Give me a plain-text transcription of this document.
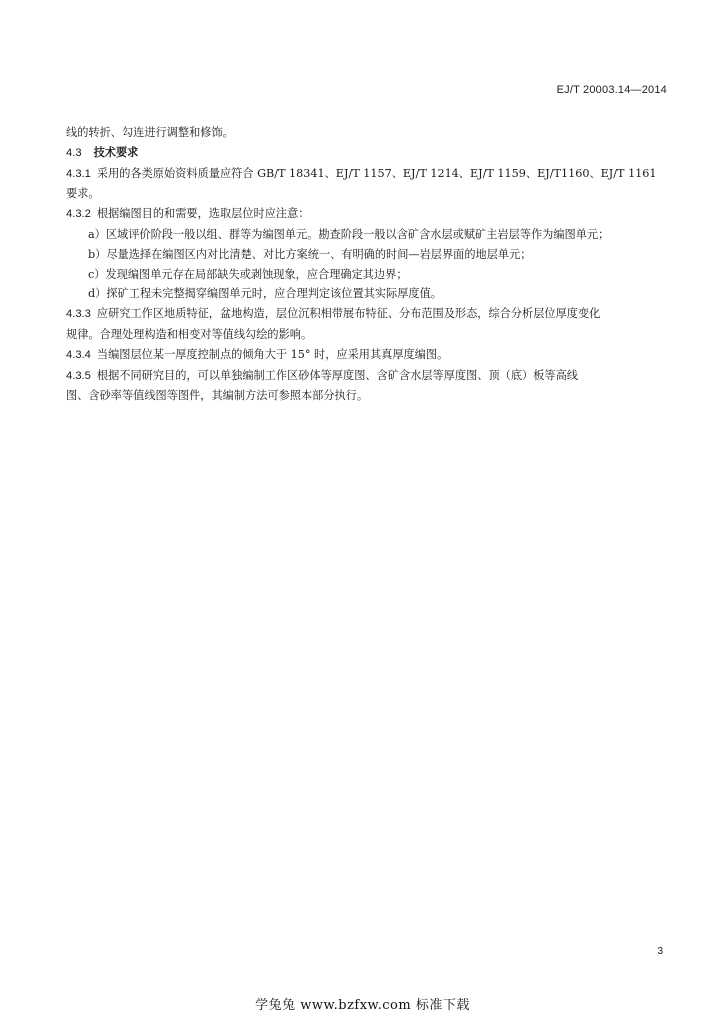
EJ/T 20003.14—2014
线的转折、勾连进行调整和修饰。
4.3 技术要求
4.3.1 采用的各类原始资料质量应符合 GB/T 18341、EJ/T 1157、EJ/T 1214、EJ/T 1159、EJ/T1160、EJ/T 1161
要求。
4.3.2 根据编图目的和需要，选取层位时应注意：
a）区域评价阶段一般以组、群等为编图单元。勘查阶段一般以含矿含水层或赋矿主岩层等作为编图单元；
b）尽量选择在编图区内对比清楚、对比方案统一、有明确的时间—岩层界面的地层单元；
c）发现编图单元存在局部缺失或剥蚀现象，应合理确定其边界；
d）探矿工程未完整揭穿编图单元时，应合理判定该位置其实际厚度值。
4.3.3 应研究工作区地质特征，盆地构造，层位沉积相带展布特征、分布范围及形态，综合分析层位厚度变化
规律。合理处理构造和相变对等值线勾绘的影响。
4.3.4 当编图层位某一厚度控制点的倾角大于 15° 时，应采用其真厚度编图。
4.3.5 根据不同研究目的，可以单独编制工作区砂体等厚度图、含矿含水层等厚度图、顶（底）板等高线
图、含砂率等值线图等图件，其编制方法可参照本部分执行。
3
学兔兔 www.bzfxw.com 标准下载
